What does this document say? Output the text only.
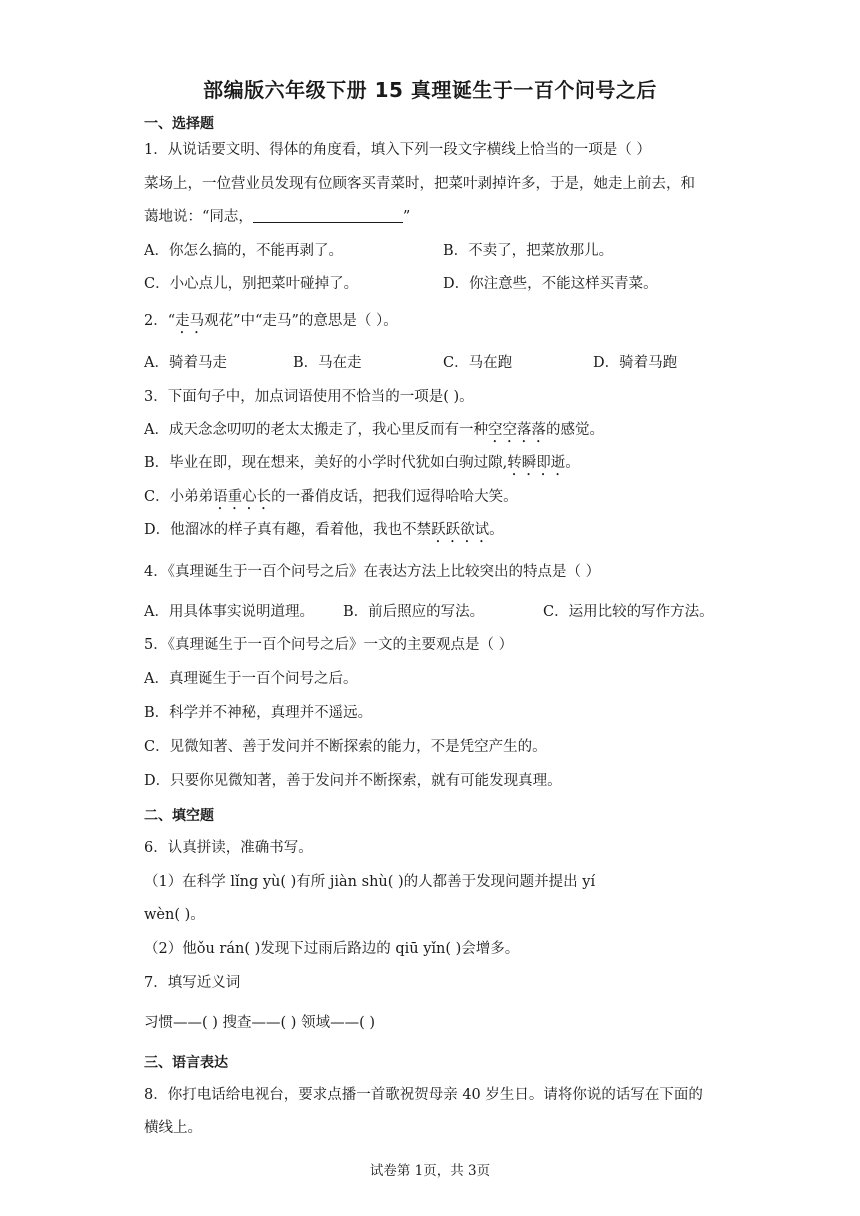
部编版六年级下册 15 真理诞生于一百个问号之后
一、选择题
1．从说话要文明、得体的角度看，填入下列一段文字横线上恰当的一项是（ ）
菜场上，一位营业员发现有位顾客买青菜时，把菜叶剥掉许多，于是，她走上前去，和
蔼地说：“同志，	”
A．你怎么搞的，不能再剥了。	B．不卖了，把菜放那儿。
C．小心点儿，别把菜叶碰掉了。	D．你注意些，不能这样买青菜。
2．“走马观花”中“走马”的意思是（ ）。
A．骑着马走	B．马在走	C．马在跑	D．骑着马跑
3．下面句子中，加点词语使用不恰当的一项是( )。
A．成天念念叨叨的老太太搬走了，我心里反而有一种空空落落的感觉。
B．毕业在即，现在想来，美好的小学时代犹如白驹过隙,转瞬即逝。
C．小弟弟语重心长的一番俏皮话，把我们逗得哈哈大笑。
D．他溜冰的样子真有趣，看着他，我也不禁跃跃欲试。
4．《真理诞生于一百个问号之后》在表达方法上比较突出的特点是（ ）
A．用具体事实说明道理。 B．前后照应的写法。	C．运用比较的写作方法。
5．《真理诞生于一百个问号之后》一文的主要观点是（ ）
A．真理诞生于一百个问号之后。
B．科学并不神秘，真理并不遥远。
C．见微知著、善于发问并不断探索的能力，不是凭空产生的。
D．只要你见微知著，善于发问并不断探索，就有可能发现真理。
二、填空题
6．认真拼读，准确书写。
（1）在科学 lǐng yù( )有所 jiàn shù( )的人都善于发现问题并提出 yí
wèn( )。
（2）他ǒu rán( )发现下过雨后路边的 qiū yǐn( )会增多。
7．填写近义词
习惯——( ) 搜查——( ) 领域——( )
三、语言表达
8．你打电话给电视台，要求点播一首歌祝贺母亲 40 岁生日。请将你说的话写在下面的
横线上。
试卷第 1页，共 3页
